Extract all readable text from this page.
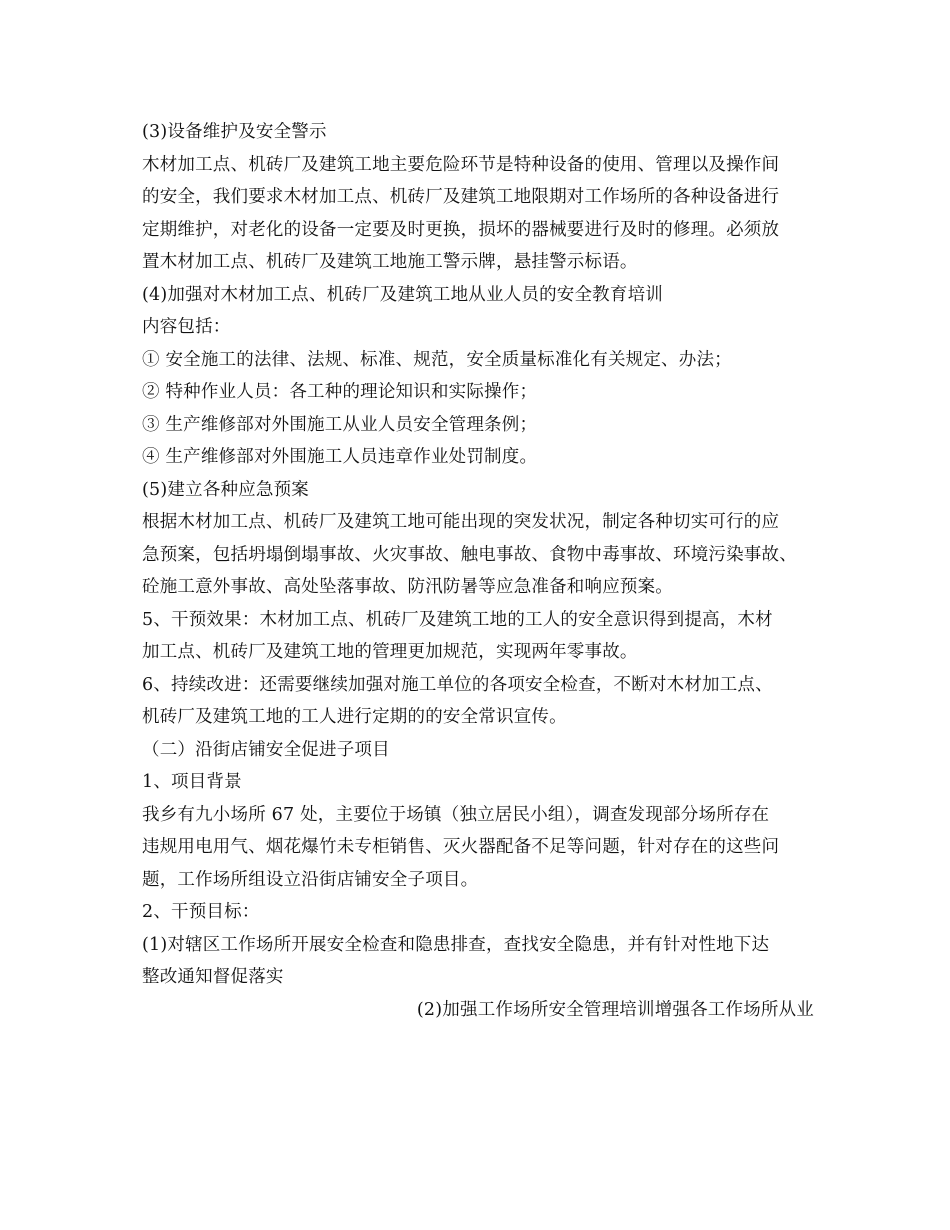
(3)设备维护及安全警示
木材加工点、机砖厂及建筑工地主要危险环节是特种设备的使用、管理以及操作间
的安全，我们要求木材加工点、机砖厂及建筑工地限期对工作场所的各种设备进行
定期维护，对老化的设备一定要及时更换，损坏的器械要进行及时的修理。必须放
置木材加工点、机砖厂及建筑工地施工警示牌，悬挂警示标语。
(4)加强对木材加工点、机砖厂及建筑工地从业人员的安全教育培训
内容包括：
① 安全施工的法律、法规、标准、规范，安全质量标准化有关规定、办法；
② 特种作业人员：各工种的理论知识和实际操作；
③ 生产维修部对外围施工从业人员安全管理条例；
④ 生产维修部对外围施工人员违章作业处罚制度。
(5)建立各种应急预案
根据木材加工点、机砖厂及建筑工地可能出现的突发状况，制定各种切实可行的应
急预案，包括坍塌倒塌事故、火灾事故、触电事故、食物中毒事故、环境污染事故、
砼施工意外事故、高处坠落事故、防汛防暑等应急准备和响应预案。
5、干预效果：木材加工点、机砖厂及建筑工地的工人的安全意识得到提高，木材
加工点、机砖厂及建筑工地的管理更加规范，实现两年零事故。
6、持续改进：还需要继续加强对施工单位的各项安全检查，不断对木材加工点、
机砖厂及建筑工地的工人进行定期的的安全常识宣传。
（二）沿街店铺安全促进子项目
1、项目背景
我乡有九小场所 67 处，主要位于场镇（独立居民小组），调查发现部分场所存在
违规用电用气、烟花爆竹未专柜销售、灭火器配备不足等问题，针对存在的这些问
题，工作场所组设立沿街店铺安全子项目。
2、干预目标：
(1)对辖区工作场所开展安全检查和隐患排查，查找安全隐患，并有针对性地下达
整改通知督促落实
(2)加强工作场所安全管理培训增强各工作场所从业
